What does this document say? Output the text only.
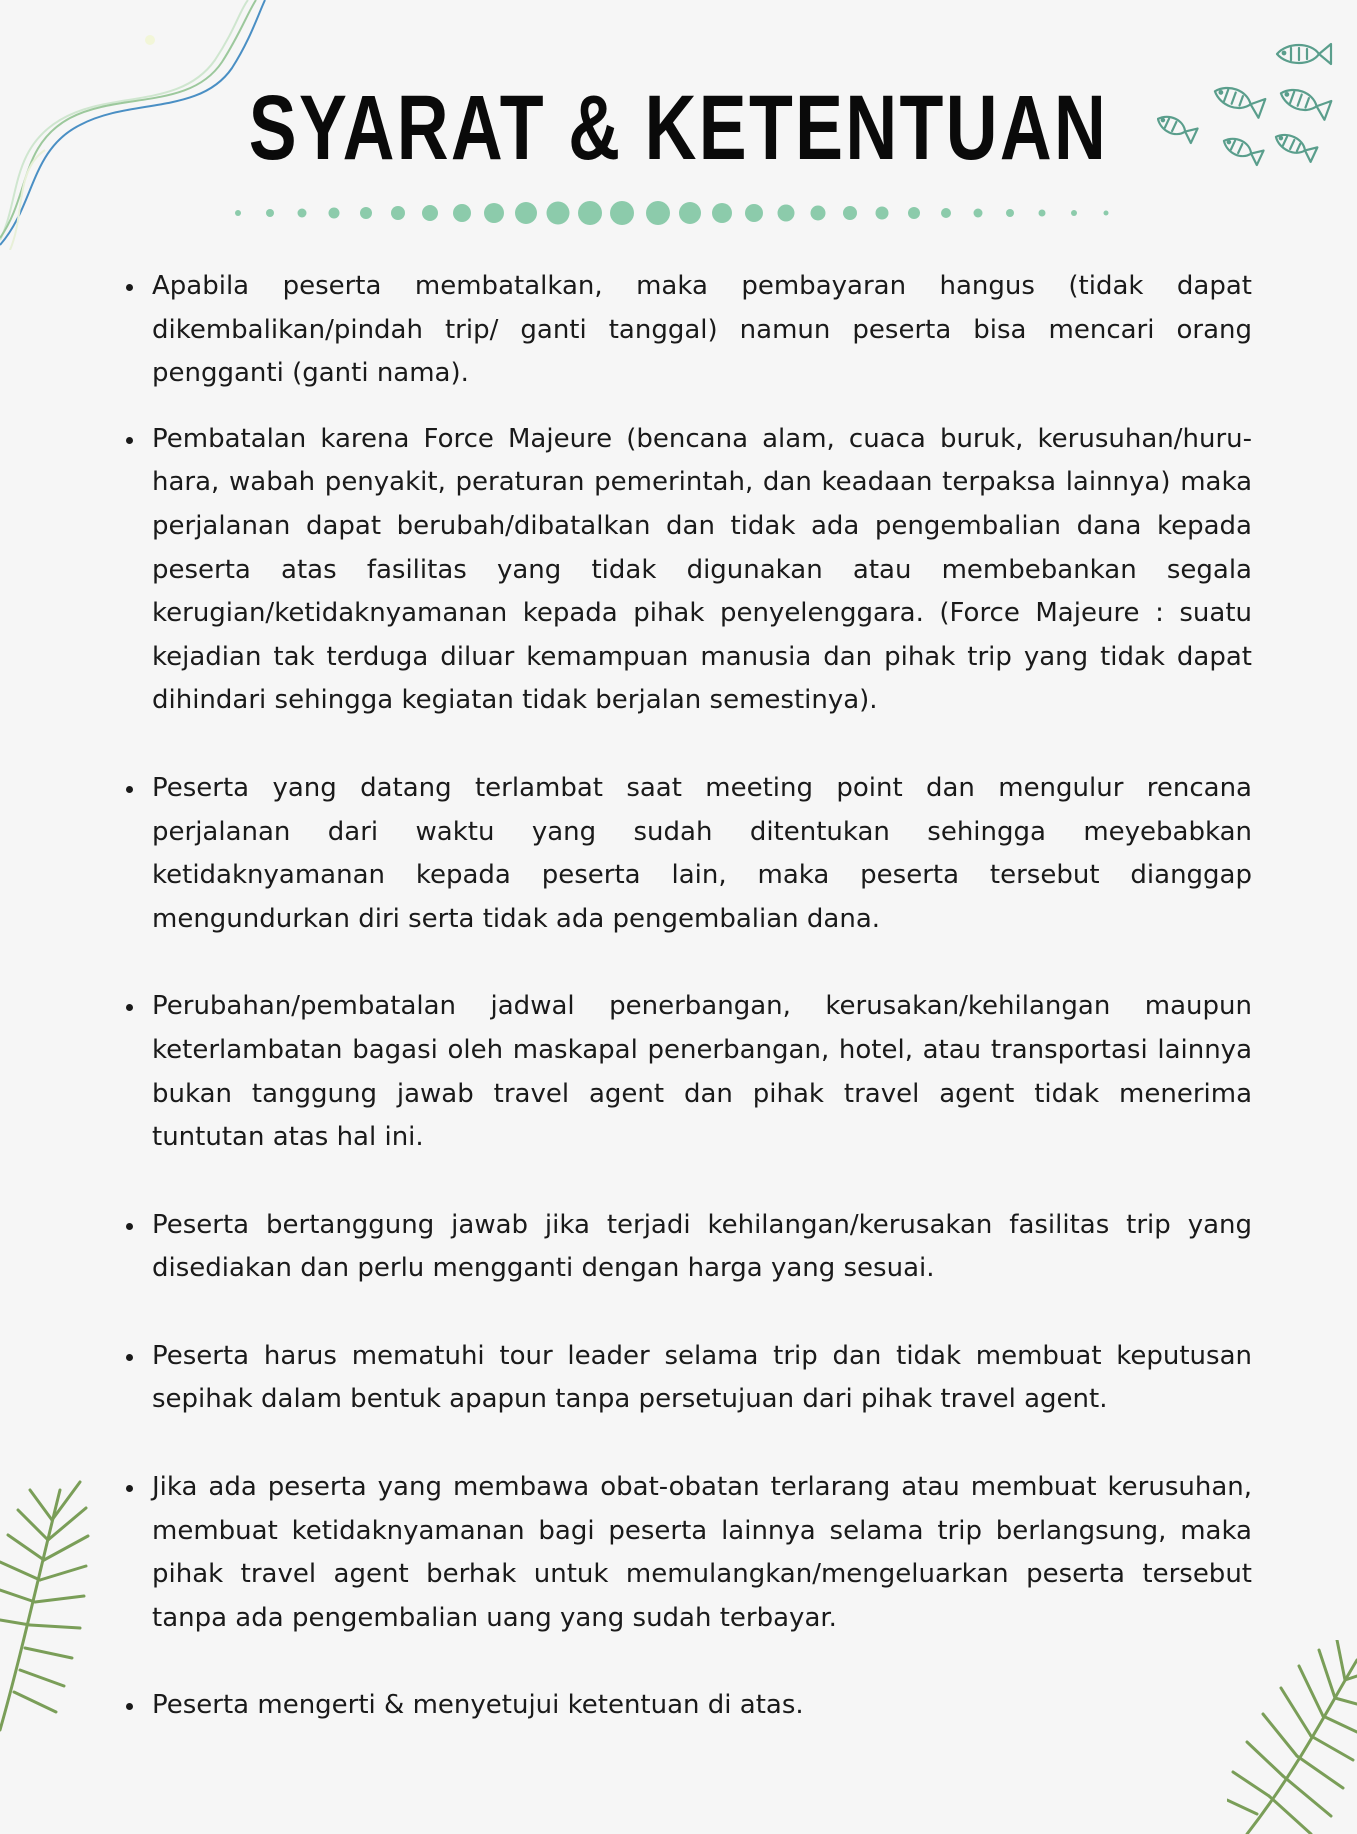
SYARAT & KETENTUAN
Apabila peserta membatalkan, maka pembayaran hangus (tidak dapat dikembalikan/pindah trip/ ganti tanggal) namun peserta bisa mencari orang pengganti (ganti nama).
Pembatalan karena Force Majeure (bencana alam, cuaca buruk, kerusuhan/huru- hara, wabah penyakit, peraturan pemerintah, dan keadaan terpaksa lainnya) maka perjalanan dapat berubah/dibatalkan dan tidak ada pengembalian dana kepada peserta atas fasilitas yang tidak digunakan atau membebankan segala kerugian/ketidaknyamanan kepada pihak penyelenggara. (Force Majeure : suatu kejadian tak terduga diluar kemampuan manusia dan pihak trip yang tidak dapat dihindari sehingga kegiatan tidak berjalan semestinya).
Peserta yang datang terlambat saat meeting point dan mengulur rencana perjalanan dari waktu yang sudah ditentukan sehingga meyebabkan ketidaknyamanan kepada peserta lain, maka peserta tersebut dianggap mengundurkan diri serta tidak ada pengembalian dana.
Perubahan/pembatalan jadwal penerbangan, kerusakan/kehilangan maupun keterlambatan bagasi oleh maskapal penerbangan, hotel, atau transportasi lainnya bukan tanggung jawab travel agent dan pihak travel agent tidak menerima tuntutan atas hal ini.
Peserta bertanggung jawab jika terjadi kehilangan/kerusakan fasilitas trip yang disediakan dan perlu mengganti dengan harga yang sesuai.
Peserta harus mematuhi tour leader selama trip dan tidak membuat keputusan sepihak dalam bentuk apapun tanpa persetujuan dari pihak travel agent.
Jika ada peserta yang membawa obat-obatan terlarang atau membuat kerusuhan, membuat ketidaknyamanan bagi peserta lainnya selama trip berlangsung, maka pihak travel agent berhak untuk memulangkan/mengeluarkan peserta tersebut tanpa ada pengembalian uang yang sudah terbayar.
Peserta mengerti & menyetujui ketentuan di atas.
